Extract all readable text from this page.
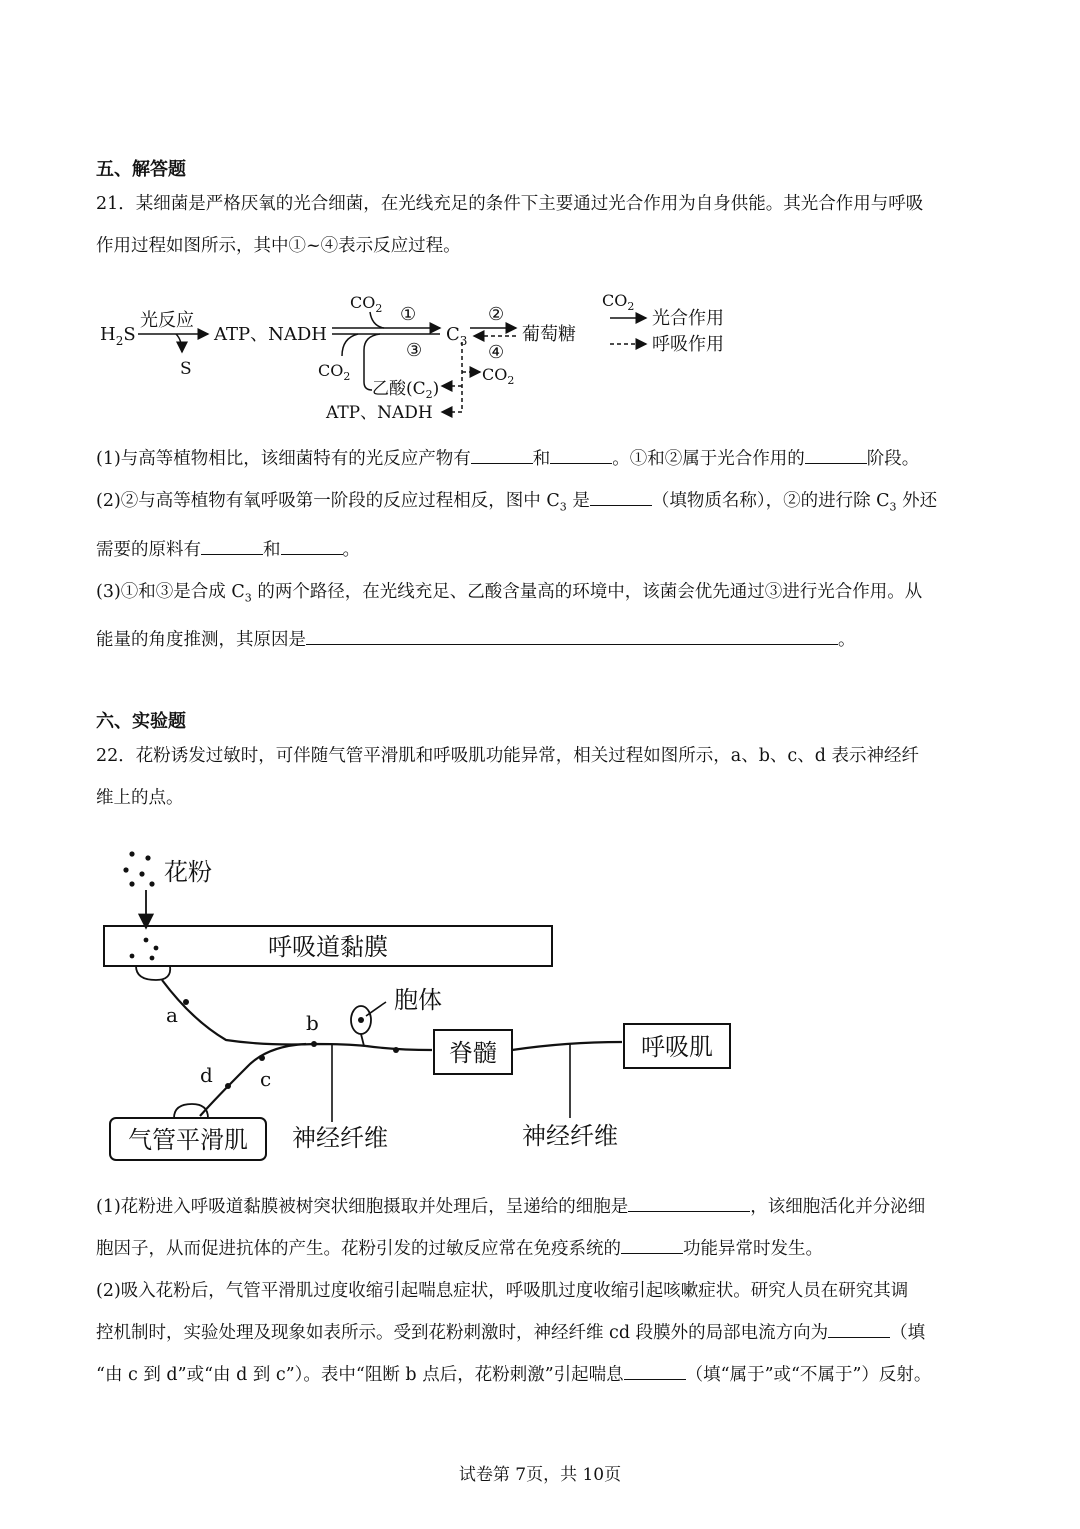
五、解答题
21．某细菌是严格厌氧的光合细菌，在光线充足的条件下主要通过光合作用为自身供能。其光合作用与呼吸
作用过程如图所示，其中①~④表示反应过程。
$H_2S$
光反应
S
ATP、NADH
$CO_2$ ①
③
$CO_2$
乙酸$(C_2)$
$C_3$
②
④
葡萄糖
$CO_2$
ATP、NADH
$CO_2$
光合作用
呼吸作用
(1)与高等植物相比，该细菌特有的光反应产物有	和	。①和②属于光合作用的	阶段。
(2)②与高等植物有氧呼吸第一阶段的反应过程相反，图中 $C_3$ 是	（填物质名称），②的进行除 $C_3$ 外还
需要的原料有	和	。
(3)①和③是合成 $C_3$ 的两个路径，在光线充足、乙酸含量高的环境中，该菌会优先通过③进行光合作用。从
能量的角度推测，其原因是	。
六、实验题
22．花粉诱发过敏时，可伴随气管平滑肌和呼吸肌功能异常，相关过程如图所示，a、b、c、d 表示神经纤
维上的点。
花粉
呼吸道黏膜
a	b
胞体
脊髓	呼吸肌
神经纤维	神经纤维
c
d
气管平滑肌
(1)花粉进入呼吸道黏膜被树突状细胞摄取并处理后，呈递给的细胞是	，该细胞活化并分泌细
胞因子，从而促进抗体的产生。花粉引发的过敏反应常在免疫系统的	功能异常时发生。
(2)吸入花粉后，气管平滑肌过度收缩引起喘息症状，呼吸肌过度收缩引起咳嗽症状。研究人员在研究其调
控机制时，实验处理及现象如表所示。受到花粉刺激时，神经纤维 cd 段膜外的局部电流方向为	（填
“由 c 到 d”或“由 d 到 c”）。表中“阻断 b 点后，花粉刺激”引起喘息	（填“属于”或“不属于”）反射。
试卷第 7页，共 10页
